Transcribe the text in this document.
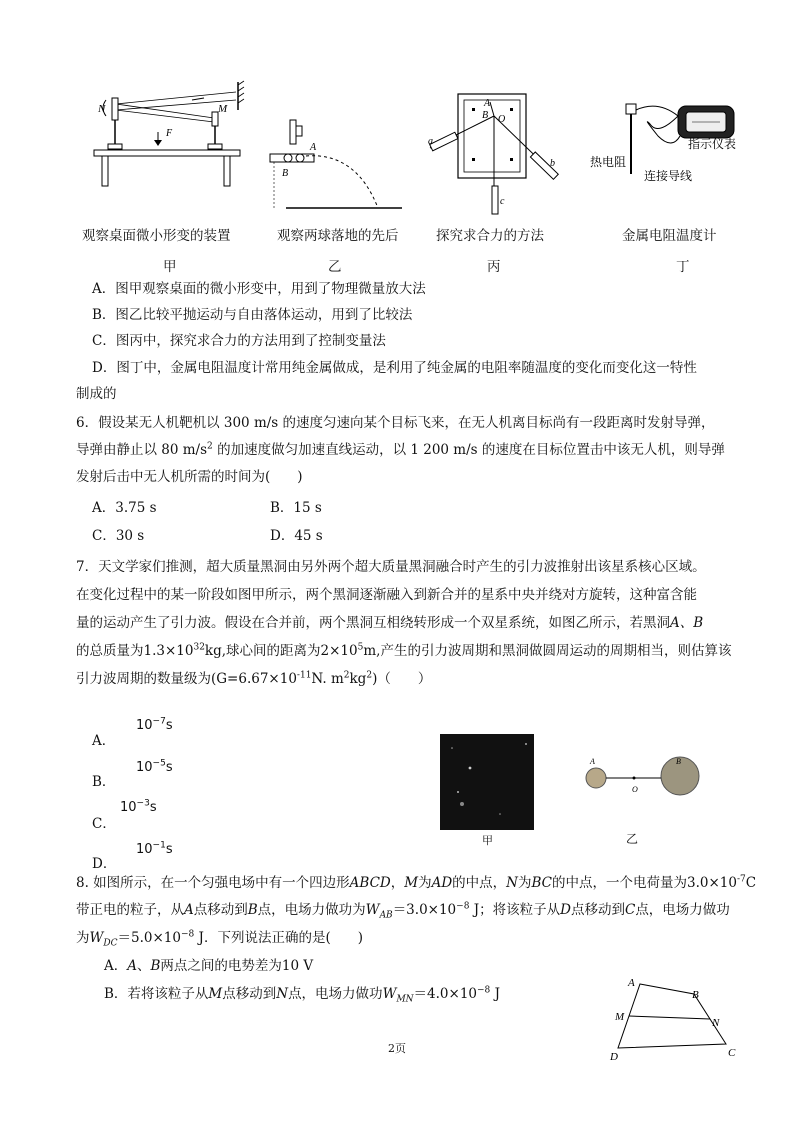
N	M
F
A
B
A
B O
a
b
c
指示仪表
热电阻
连接导线
观察桌面微小形变的装置	观察两球落地的先后	探究求合力的方法	金属电阻温度计
甲	乙	丙	丁
A．图甲观察桌面的微小形变中，用到了物理微量放大法
B．图乙比较平抛运动与自由落体运动，用到了比较法
C．图丙中，探究求合力的方法用到了控制变量法
D．图丁中，金属电阻温度计常用纯金属做成，是利用了纯金属的电阻率随温度的变化而变化这一特性
制成的
6．假设某无人机靶机以 300 m/s 的速度匀速向某个目标飞来，在无人机离目标尚有一段距离时发射导弹，
导弹由静止以 80 $m/s^2$ 的加速度做匀加速直线运动，以 1 200 m/s 的速度在目标位置击中该无人机，则导弹
发射后击中无人机所需的时间为(　　)
A．3.75 s	B．15 s
C．30 s	D．45 s
7．天文学家们推测，超大质量黑洞由另外两个超大质量黑洞融合时产生的引力波推射出该星系核心区域。
在变化过程中的某一阶段如图甲所示，两个黑洞逐渐融入到新合并的星系中央并绕对方旋转，这种富含能
量的运动产生了引力波。假设在合并前，两个黑洞互相绕转形成一个双星系统，如图乙所示，若黑洞A、B
的总质量为$1.3\times 10^{32}kg$,球心间的距离为$2\times 10^5m$,产生的引力波周期和黑洞做圆周运动的周期相当，则估算该
引力波周期的数量级为($G=6.67\times 10^{-11}N$. $m^2kg^2$)（　　）
A．
$10^{-7}s$
B．
$10^{-5}s$
C．
$10^{-3}s$
D．
$10^{-1}s$
甲
A
O
B
乙
8. 如图所示，在一个匀强电场中有一个四边形ABCD，M为AD的中点，N为BC的中点，一个电荷量为$3.0\times 10^{-7}C$
带正电的粒子，从A点移动到B点，电场力做功为$W_{AB}=3.0\times 10^{-8}$ J；将该粒子从D点移动到C点，电场力做功
为$W_{DC}=5.0\times 10^{-8}$ J．下列说法正确的是(　　)
A．A、B两点之间的电势差为10 V
B．若将该粒子从M点移动到N点，电场力做功$W_{MN}=4.0\times 10^{-8}$ J
A
B
M	N
D	C
2页
